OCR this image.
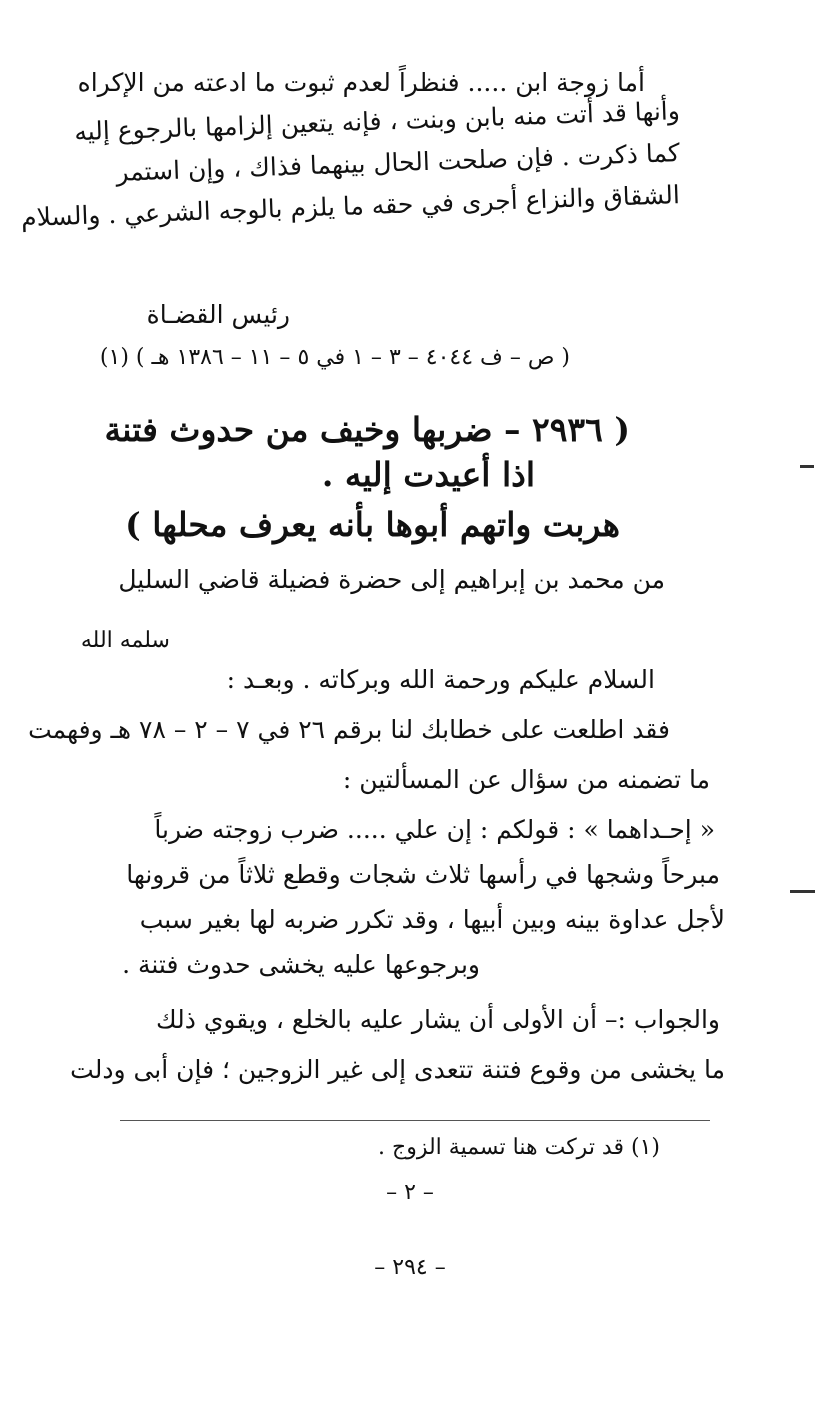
أما زوجة ابن ..... فنظراً لعدم ثبوت ما ادعته من الإكراه
وأنها قد أتت منه بابن وبنت ، فإنه يتعين إلزامها بالرجوع إليه
كما ذكرت . فإن صلحت الحال بينهما فذاك ، وإن استمر
الشقاق والنزاع أجرى في حقه ما يلزم بالوجه الشرعي . والسلام
رئيس القضـاة
( ص – ف ٤٠٤٤ – ٣ – ١ في ٥ – ١١ – ١٣٨٦ هـ ) (١)
( ٢٩٣٦ – ضربها وخيف من حدوث فتنة
اذا أعيدت إليه .
هربت واتهم أبوها بأنه يعرف محلها )
من محمد بن إبراهيم إلى حضرة فضيلة قاضي السليل
سلمه الله
السلام عليكم ورحمة الله وبركاته . وبعـد :
فقد اطلعت على خطابك لنا برقم ٢٦ في ٧ – ٢ – ٧٨ هـ وفهمت
ما تضمنه من سؤال عن المسألتين :
« إحـداهما » : قولكم : إن علي ..... ضرب زوجته ضرباً
مبرحاً وشجها في رأسها ثلاث شجات وقطع ثلاثاً من قرونها
لأجل عداوة بينه وبين أبيها ، وقد تكرر ضربه لها بغير سبب
وبرجوعها عليه يخشى حدوث فتنة .
والجواب :– أن الأولى أن يشار عليه بالخلع ، ويقوي ذلك
ما يخشى من وقوع فتنة تتعدى إلى غير الزوجين ؛ فإن أبى ودلت
(١) قد تركت هنا تسمية الزوج .
– ٢ –
– ٢٩٤ –
